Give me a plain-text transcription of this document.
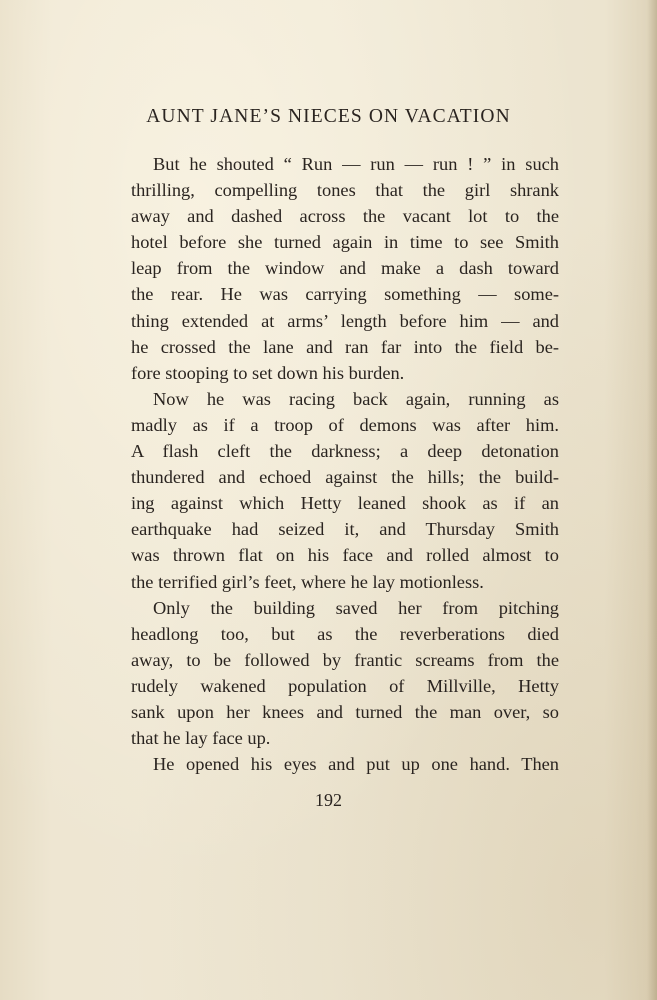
AUNT JANE’S NIECES ON VACATION
But he shouted “ Run — run — run ! ” in such
thrilling, compelling tones that the girl shrank
away and dashed across the vacant lot to the
hotel before she turned again in time to see Smith
leap from the window and make a dash toward
the rear. He was carrying something — some-
thing extended at arms’ length before him — and
he crossed the lane and ran far into the field be-
fore stooping to set down his burden.
Now he was racing back again, running as
madly as if a troop of demons was after him.
A flash cleft the darkness; a deep detonation
thundered and echoed against the hills; the build-
ing against which Hetty leaned shook as if an
earthquake had seized it, and Thursday Smith
was thrown flat on his face and rolled almost to
the terrified girl’s feet, where he lay motionless.
Only the building saved her from pitching
headlong too, but as the reverberations died
away, to be followed by frantic screams from the
rudely wakened population of Millville, Hetty
sank upon her knees and turned the man over, so
that he lay face up.
He opened his eyes and put up one hand. Then
192
